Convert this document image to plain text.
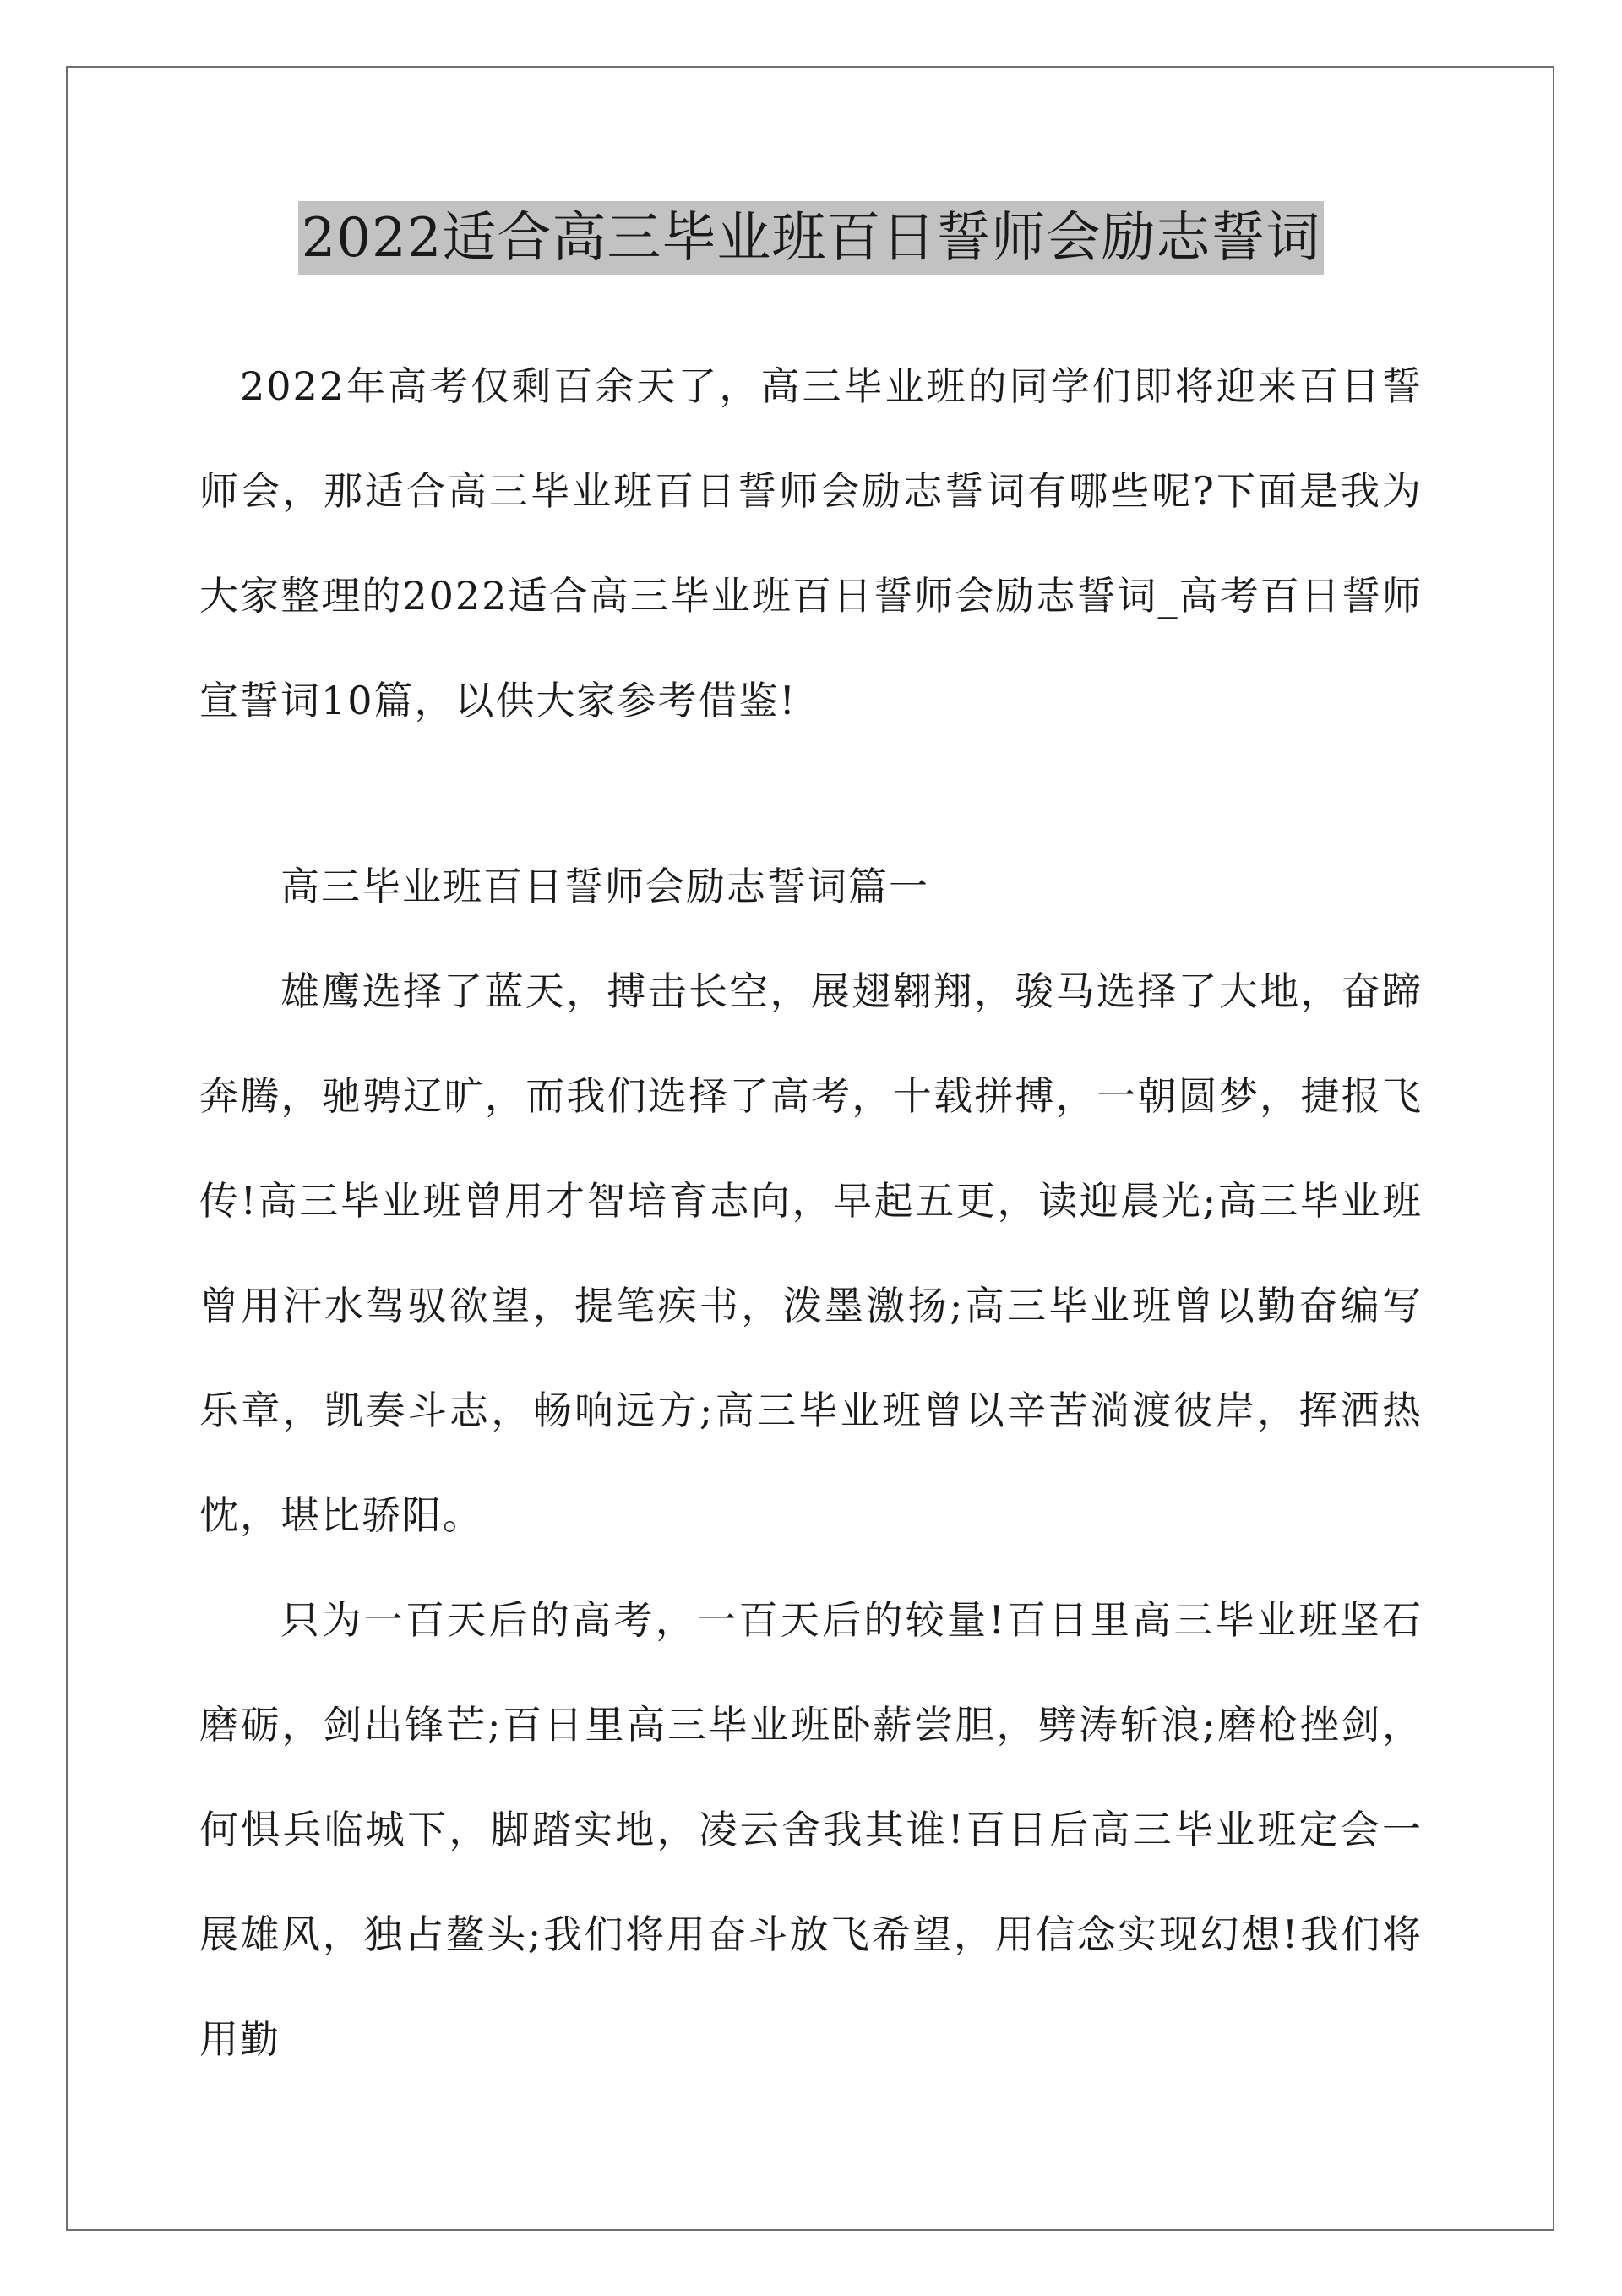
2022适合高三毕业班百日誓师会励志誓词

2022年高考仅剩百余天了，高三毕业班的同学们即将迎来百日誓师会，那适合高三毕业班百日誓师会励志誓词有哪些呢?下面是我为大家整理的2022适合高三毕业班百日誓师会励志誓词_高考百日誓师宣誓词10篇，以供大家参考借鉴!

高三毕业班百日誓师会励志誓词篇一

雄鹰选择了蓝天，搏击长空，展翅翱翔，骏马选择了大地，奋蹄奔腾，驰骋辽旷，而我们选择了高考，十载拼搏，一朝圆梦，捷报飞传!高三毕业班曾用才智培育志向，早起五更，读迎晨光;高三毕业班曾用汗水驾驭欲望，提笔疾书，泼墨激扬;高三毕业班曾以勤奋编写乐章，凯奏斗志，畅响远方;高三毕业班曾以辛苦淌渡彼岸，挥洒热忱，堪比骄阳。

只为一百天后的高考，一百天后的较量!百日里高三毕业班坚石磨砺，剑出锋芒;百日里高三毕业班卧薪尝胆，劈涛斩浪;磨枪挫剑，何惧兵临城下，脚踏实地，凌云舍我其谁!百日后高三毕业班定会一展雄风，独占鳌头;我们将用奋斗放飞希望，用信念实现幻想!我们将用勤
